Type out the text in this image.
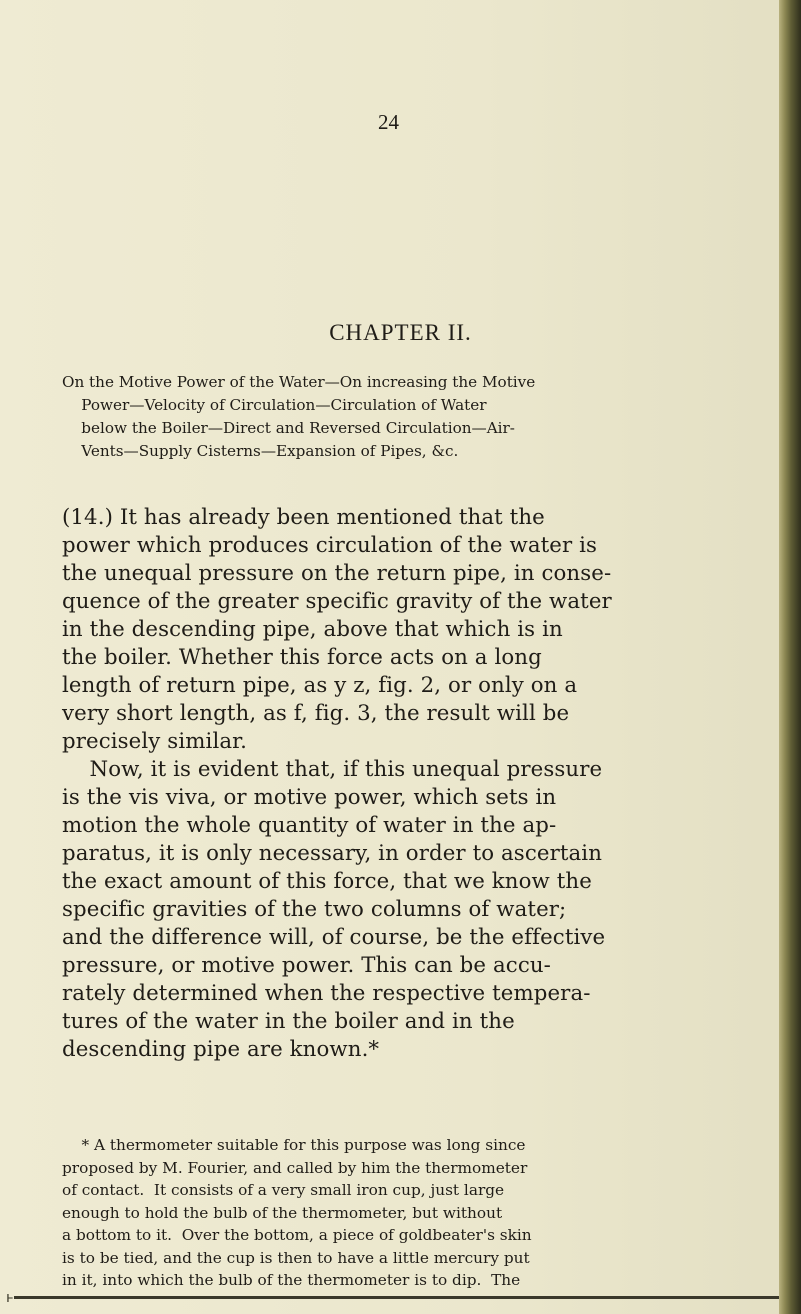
24
CHAPTER II.
On the Motive Power of the Water—On increasing the Motive
Power—Velocity of Circulation—Circulation of Water
below the Boiler—Direct and Reversed Circulation—Air-
Vents—Supply Cisterns—Expansion of Pipes, &c.
(14.) It has already been mentioned that the
power which produces circulation of the water is
the unequal pressure on the return pipe, in conse-
quence of the greater specific gravity of the water
in the descending pipe, above that which is in
the boiler. Whether this force acts on a long
length of return pipe, as y z, fig. 2, or only on a
very short length, as f, fig. 3, the result will be
precisely similar.
Now, it is evident that, if this unequal pressure
is the vis viva, or motive power, which sets in
motion the whole quantity of water in the ap-
paratus, it is only necessary, in order to ascertain
the exact amount of this force, that we know the
specific gravities of the two columns of water;
and the difference will, of course, be the effective
pressure, or motive power. This can be accu-
rately determined when the respective tempera-
tures of the water in the boiler and in the
descending pipe are known.*
* A thermometer suitable for this purpose was long since
proposed by M. Fourier, and called by him the thermometer
of contact.  It consists of a very small iron cup, just large
enough to hold the bulb of the thermometer, but without
a bottom to it.  Over the bottom, a piece of goldbeater's skin
is to be tied, and the cup is then to have a little mercury put
in it, into which the bulb of the thermometer is to dip.  The
ⱶ
